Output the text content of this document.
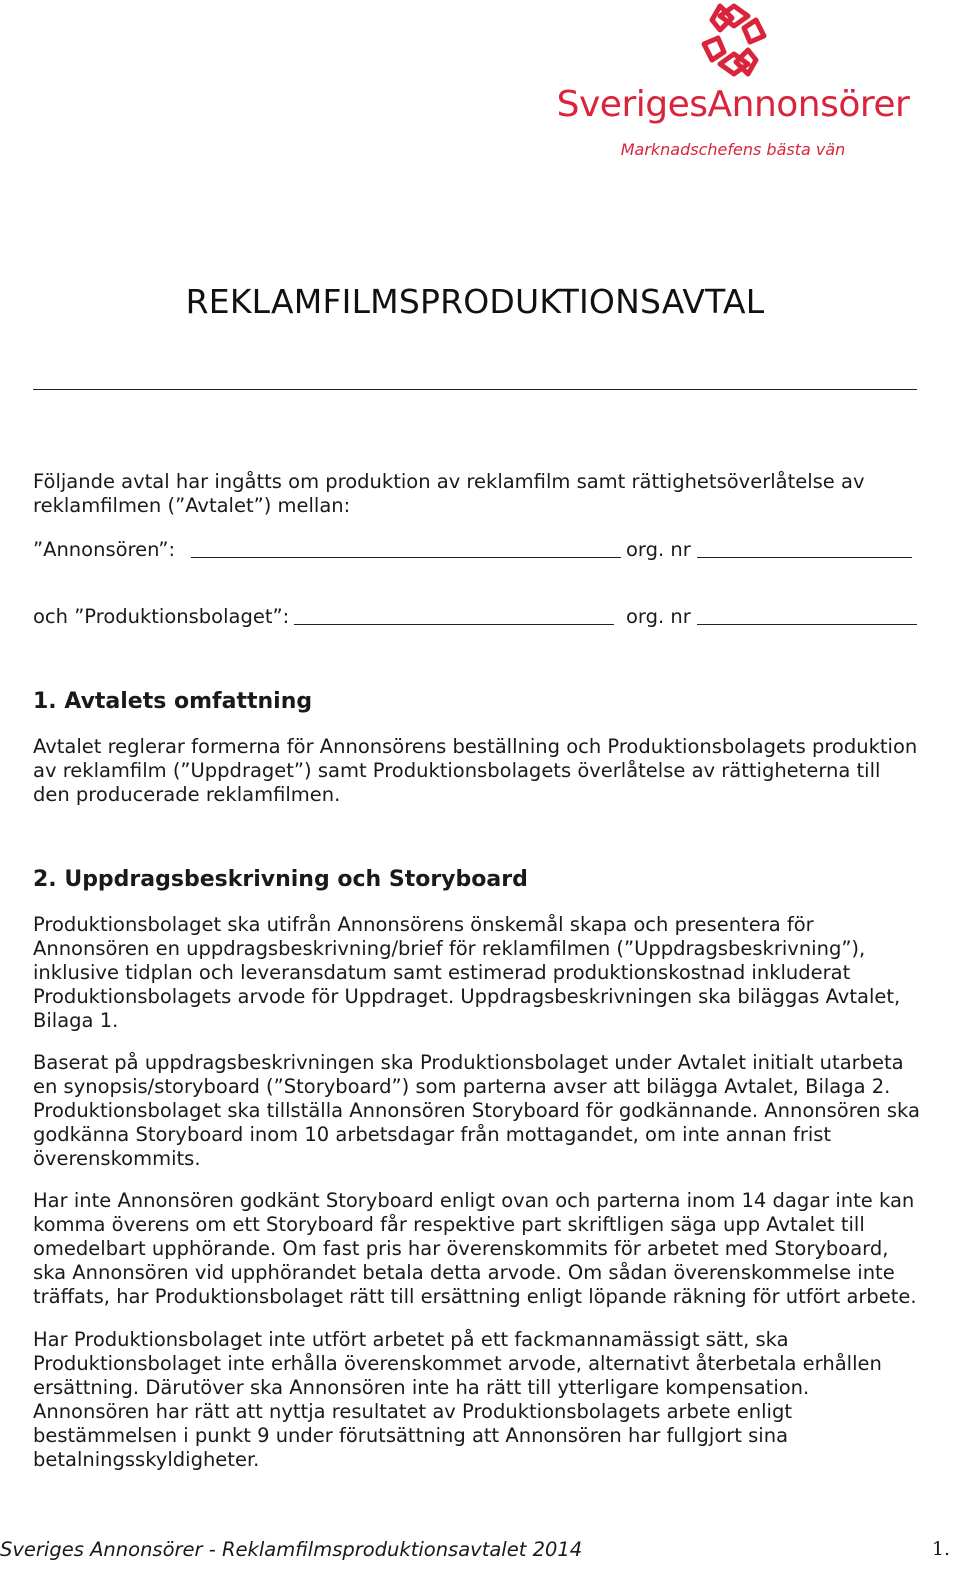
SverigesAnnonsörer
Marknadschefens bästa vän
REKLAMFILMSPRODUKTIONSAVTAL

Följande avtal har ingåtts om produktion av reklamfilm samt rättighetsöverlåtelse av reklamfilmen (”Avtalet”) mellan:

”Annonsören”:	org. nr
och ”Produktionsbolaget”:	org. nr
1. Avtalets omfattning

Avtalet reglerar formerna för Annonsörens beställning och Produktionsbolagets produktion av reklamfilm (”Uppdraget”) samt Produktionsbolagets överlåtelse av rättigheterna till den producerade reklamfilmen.

2. Uppdragsbeskrivning och Storyboard

Produktionsbolaget ska utifrån Annonsörens önskemål skapa och presentera för Annonsören en uppdragsbeskrivning/brief för reklamfilmen (”Uppdragsbeskrivning”), inklusive tidplan och leveransdatum samt estimerad produktionskostnad inkluderat Produktionsbolagets arvode för Uppdraget. Uppdragsbeskrivningen ska biläggas Avtalet, Bilaga 1.

Baserat på uppdragsbeskrivningen ska Produktionsbolaget under Avtalet initialt utarbeta en synopsis/storyboard (”Storyboard”) som parterna avser att bilägga Avtalet, Bilaga 2. Produktionsbolaget ska tillställa Annonsören Storyboard för godkännande. Annonsören ska godkänna Storyboard inom 10 arbetsdagar från mottagandet, om inte annan frist överenskommits.

Har inte Annonsören godkänt Storyboard enligt ovan och parterna inom 14 dagar inte kan komma överens om ett Storyboard får respektive part skriftligen säga upp Avtalet till omedelbart upphörande. Om fast pris har överenskommits för arbetet med Storyboard, ska Annonsören vid upphörandet betala detta arvode. Om sådan överenskommelse inte träffats, har Produktionsbolaget rätt till ersättning enligt löpande räkning för utfört arbete.

Har Produktionsbolaget inte utfört arbetet på ett fackmannamässigt sätt, ska Produktionsbolaget inte erhålla överenskommet arvode, alternativt återbetala erhållen ersättning. Därutöver ska Annonsören inte ha rätt till ytterligare kompensation. Annonsören har rätt att nyttja resultatet av Produktionsbolagets arbete enligt bestämmelsen i punkt 9 under förutsättning att Annonsören har fullgjort sina betalningsskyldigheter.

Sveriges Annonsörer - Reklamfilmsproduktionsavtalet 2014	1.
